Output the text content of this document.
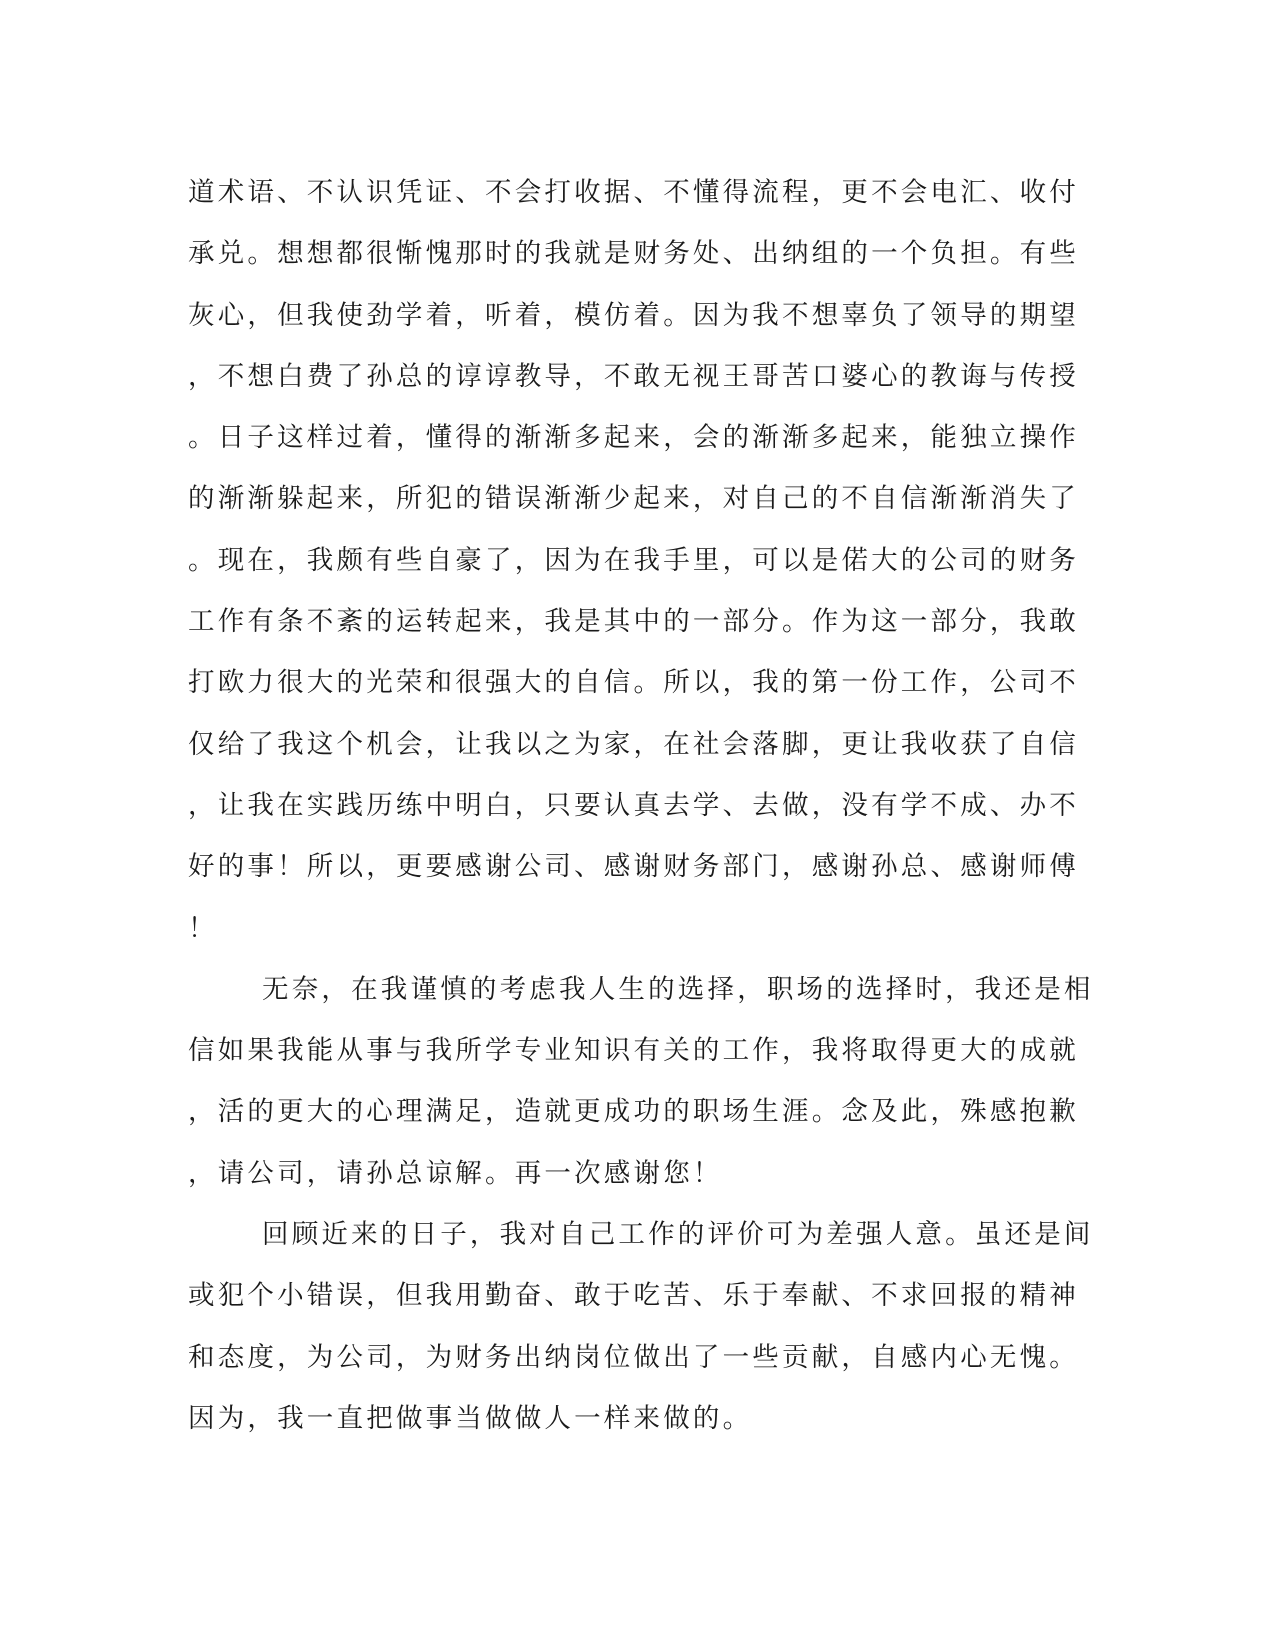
道术语、不认识凭证、不会打收据、不懂得流程，更不会电汇、收付
承兑。想想都很惭愧那时的我就是财务处、出纳组的一个负担。有些
灰心，但我使劲学着，听着，模仿着。因为我不想辜负了领导的期望
，不想白费了孙总的谆谆教导，不敢无视王哥苦口婆心的教诲与传授
。日子这样过着，懂得的渐渐多起来，会的渐渐多起来，能独立操作
的渐渐躲起来，所犯的错误渐渐少起来，对自己的不自信渐渐消失了
。现在，我颇有些自豪了，因为在我手里，可以是偌大的公司的财务
工作有条不紊的运转起来，我是其中的一部分。作为这一部分，我敢
打欧力很大的光荣和很强大的自信。所以，我的第一份工作，公司不
仅给了我这个机会，让我以之为家，在社会落脚，更让我收获了自信
，让我在实践历练中明白，只要认真去学、去做，没有学不成、办不
好的事！所以，更要感谢公司、感谢财务部门，感谢孙总、感谢师傅
！
无奈，在我谨慎的考虑我人生的选择，职场的选择时，我还是相
信如果我能从事与我所学专业知识有关的工作，我将取得更大的成就
，活的更大的心理满足，造就更成功的职场生涯。念及此，殊感抱歉
，请公司，请孙总谅解。再一次感谢您！
回顾近来的日子，我对自己工作的评价可为差强人意。虽还是间
或犯个小错误，但我用勤奋、敢于吃苦、乐于奉献、不求回报的精神
和态度，为公司，为财务出纳岗位做出了一些贡献，自感内心无愧。
因为，我一直把做事当做做人一样来做的。
